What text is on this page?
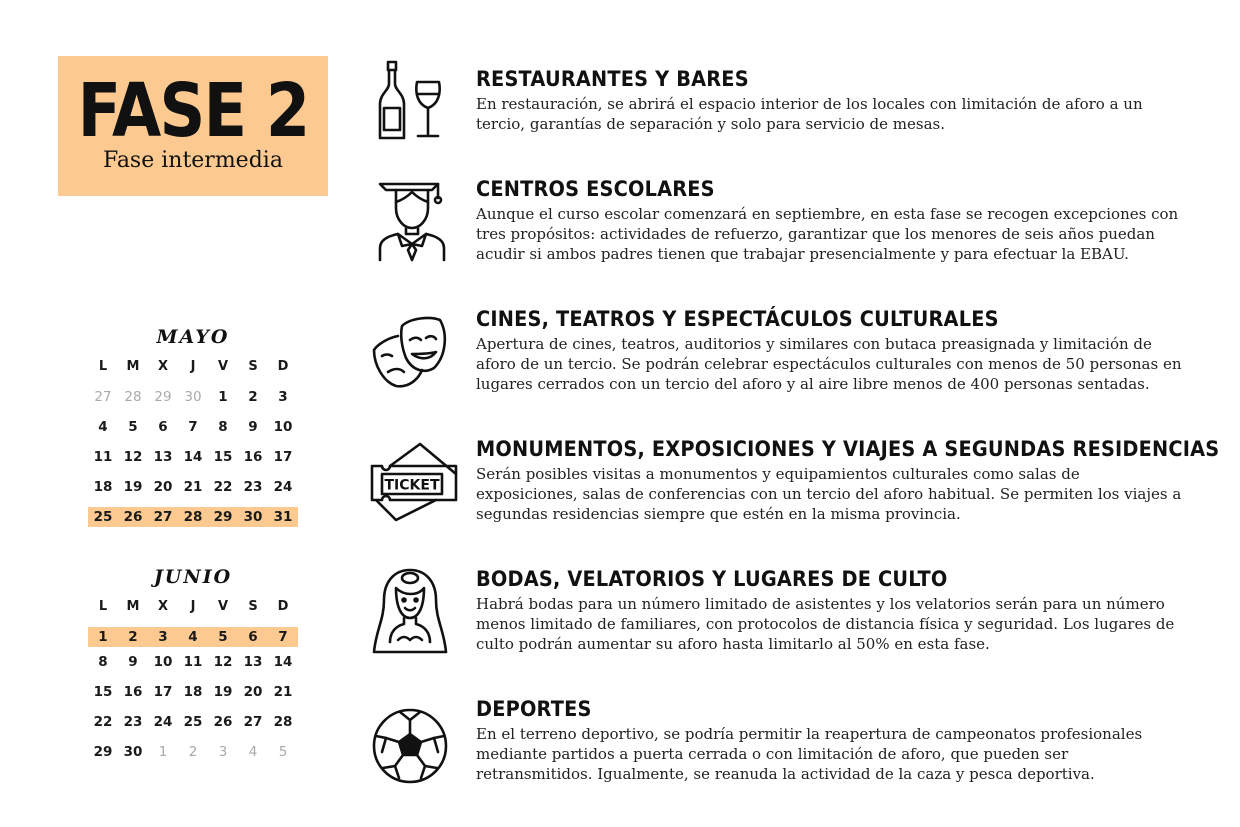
FASE 2
Fase intermedia
MAYO
L	M	X	J	V	S	D
27 28 29 30	1	2	3
4	5	6	7	8	9	10
11 12 13 14 15 16 17
18 19 20 21 22 23 24
25 26 27 28 29 30 31
JUNIO
L	M	X	J	V	S	D
1	2	3	4	5	6	7
8	9	10 11 12 13 14
15 16 17 18 19 20 21
22 23 24 25 26 27 28
29 30	1	2	3	4	5
RESTAURANTES Y BARES

En restauración, se abrirá el espacio interior de los locales con limitación de aforo a un tercio, garantías de separación y solo para servicio de mesas.

CENTROS ESCOLARES

Aunque el curso escolar comenzará en septiembre, en esta fase se recogen excepciones con tres propósitos: actividades de refuerzo, garantizar que los menores de seis años puedan acudir si ambos padres tienen que trabajar presencialmente y para efectuar la EBAU.

CINES, TEATROS Y ESPECTÁCULOS CULTURALES

Apertura de cines, teatros, auditorios y similares con butaca preasignada y limitación de aforo de un tercio. Se podrán celebrar espectáculos culturales con menos de 50 personas en lugares cerrados con un tercio del aforo y al aire libre menos de 400 personas sentadas.

TICKET
MONUMENTOS, EXPOSICIONES Y VIAJES A SEGUNDAS RESIDENCIAS

Serán posibles visitas a monumentos y equipamientos culturales como salas de exposiciones, salas de conferencias con un tercio del aforo habitual. Se permiten los viajes a segundas residencias siempre que estén en la misma provincia.

BODAS, VELATORIOS Y LUGARES DE CULTO

Habrá bodas para un número limitado de asistentes y los velatorios serán para un número menos limitado de familiares, con protocolos de distancia física y seguridad. Los lugares de culto podrán aumentar su aforo hasta limitarlo al 50% en esta fase.

DEPORTES

En el terreno deportivo, se podría permitir la reapertura de campeonatos profesionales mediante partidos a puerta cerrada o con limitación de aforo, que pueden ser retransmitidos. Igualmente, se reanuda la actividad de la caza y pesca deportiva.
